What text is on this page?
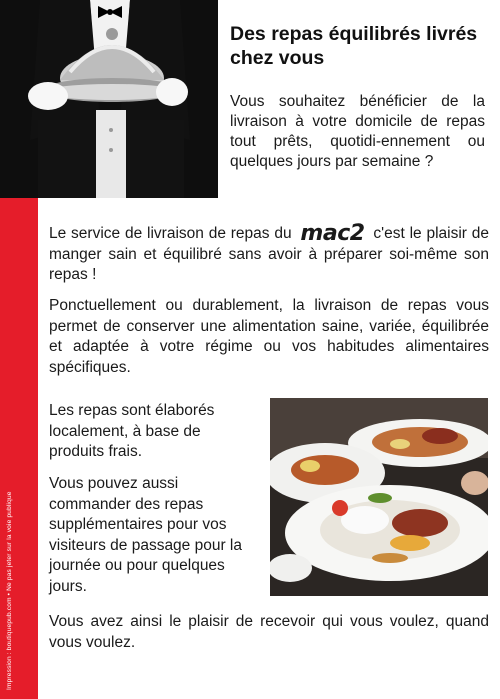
Des repas équilibrés livrés chez vous
Vous souhaitez bénéficier de la livraison à votre domicile de repas tout prêts, quotidi-ennement ou quelques jours par semaine ?
Le service de livraison de repas du mac2 c'est le plaisir de manger sain et équilibré sans avoir à préparer soi-même son repas !
Ponctuellement ou durablement, la livraison de repas vous permet de conserver une alimentation saine, variée, équilibrée et adaptée à votre régime ou vos habitudes alimentaires spécifiques.
Les repas sont élaborés localement, à base de produits frais.
Vous pouvez aussi commander des repas supplémentaires pour vos visiteurs de passage pour la journée ou pour quelques jours.
Vous avez ainsi le plaisir de recevoir qui vous voulez, quand vous voulez.
Impression : boutiquepub.com • Ne pas jeter sur la voie publique
